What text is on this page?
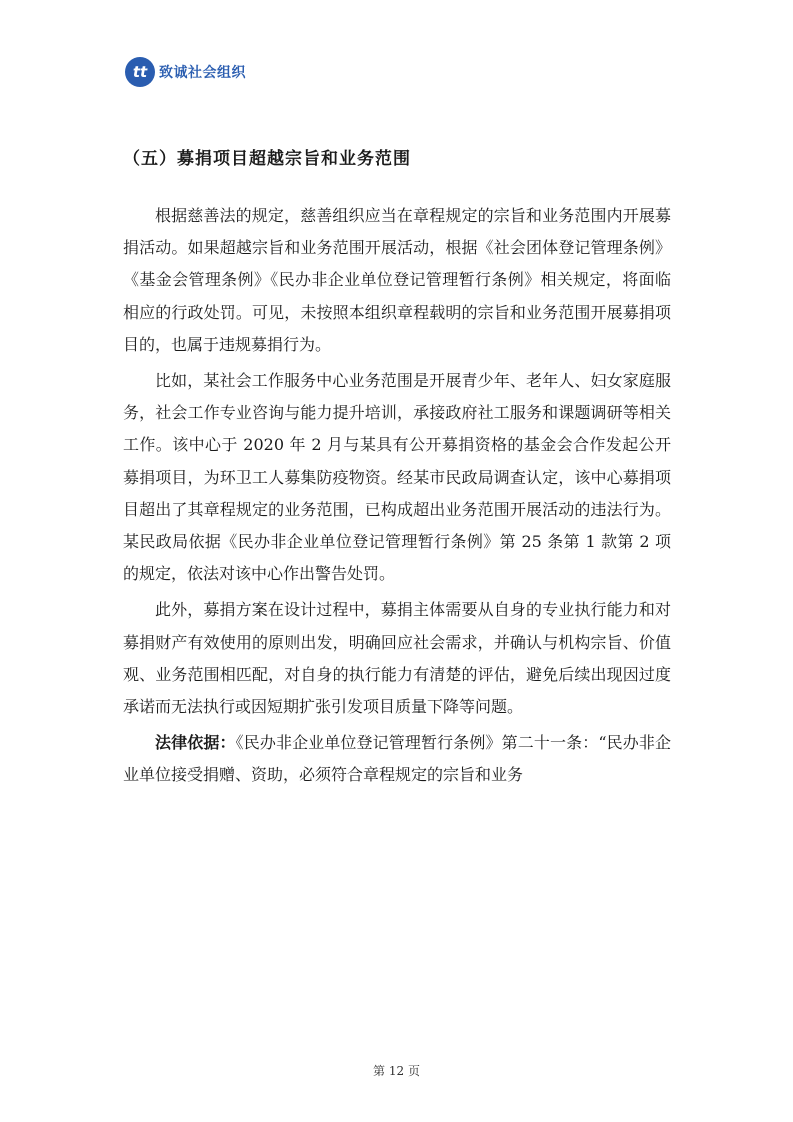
tt 致诚社会组织
（五）募捐项目超越宗旨和业务范围

根据慈善法的规定，慈善组织应当在章程规定的宗旨和业务范围内开展募捐活动。如果超越宗旨和业务范围开展活动，根据《社会团体登记管理条例》《基金会管理条例》《民办非企业单位登记管理暂行条例》相关规定，将面临相应的行政处罚。可见，未按照本组织章程载明的宗旨和业务范围开展募捐项目的，也属于违规募捐行为。

比如，某社会工作服务中心业务范围是开展青少年、老年人、妇女家庭服务，社会工作专业咨询与能力提升培训，承接政府社工服务和课题调研等相关工作。该中心于 2020 年 2 月与某具有公开募捐资格的基金会合作发起公开募捐项目，为环卫工人募集防疫物资。经某市民政局调查认定，该中心募捐项目超出了其章程规定的业务范围，已构成超出业务范围开展活动的违法行为。某民政局依据《民办非企业单位登记管理暂行条例》第 25 条第 1 款第 2 项的规定，依法对该中心作出警告处罚。

此外，募捐方案在设计过程中，募捐主体需要从自身的专业执行能力和对募捐财产有效使用的原则出发，明确回应社会需求，并确认与机构宗旨、价值观、业务范围相匹配，对自身的执行能力有清楚的评估，避免后续出现因过度承诺而无法执行或因短期扩张引发项目质量下降等问题。

法律依据：《民办非企业单位登记管理暂行条例》第二十一条：“民办非企业单位接受捐赠、资助，必须符合章程规定的宗旨和业务

第 12 页
